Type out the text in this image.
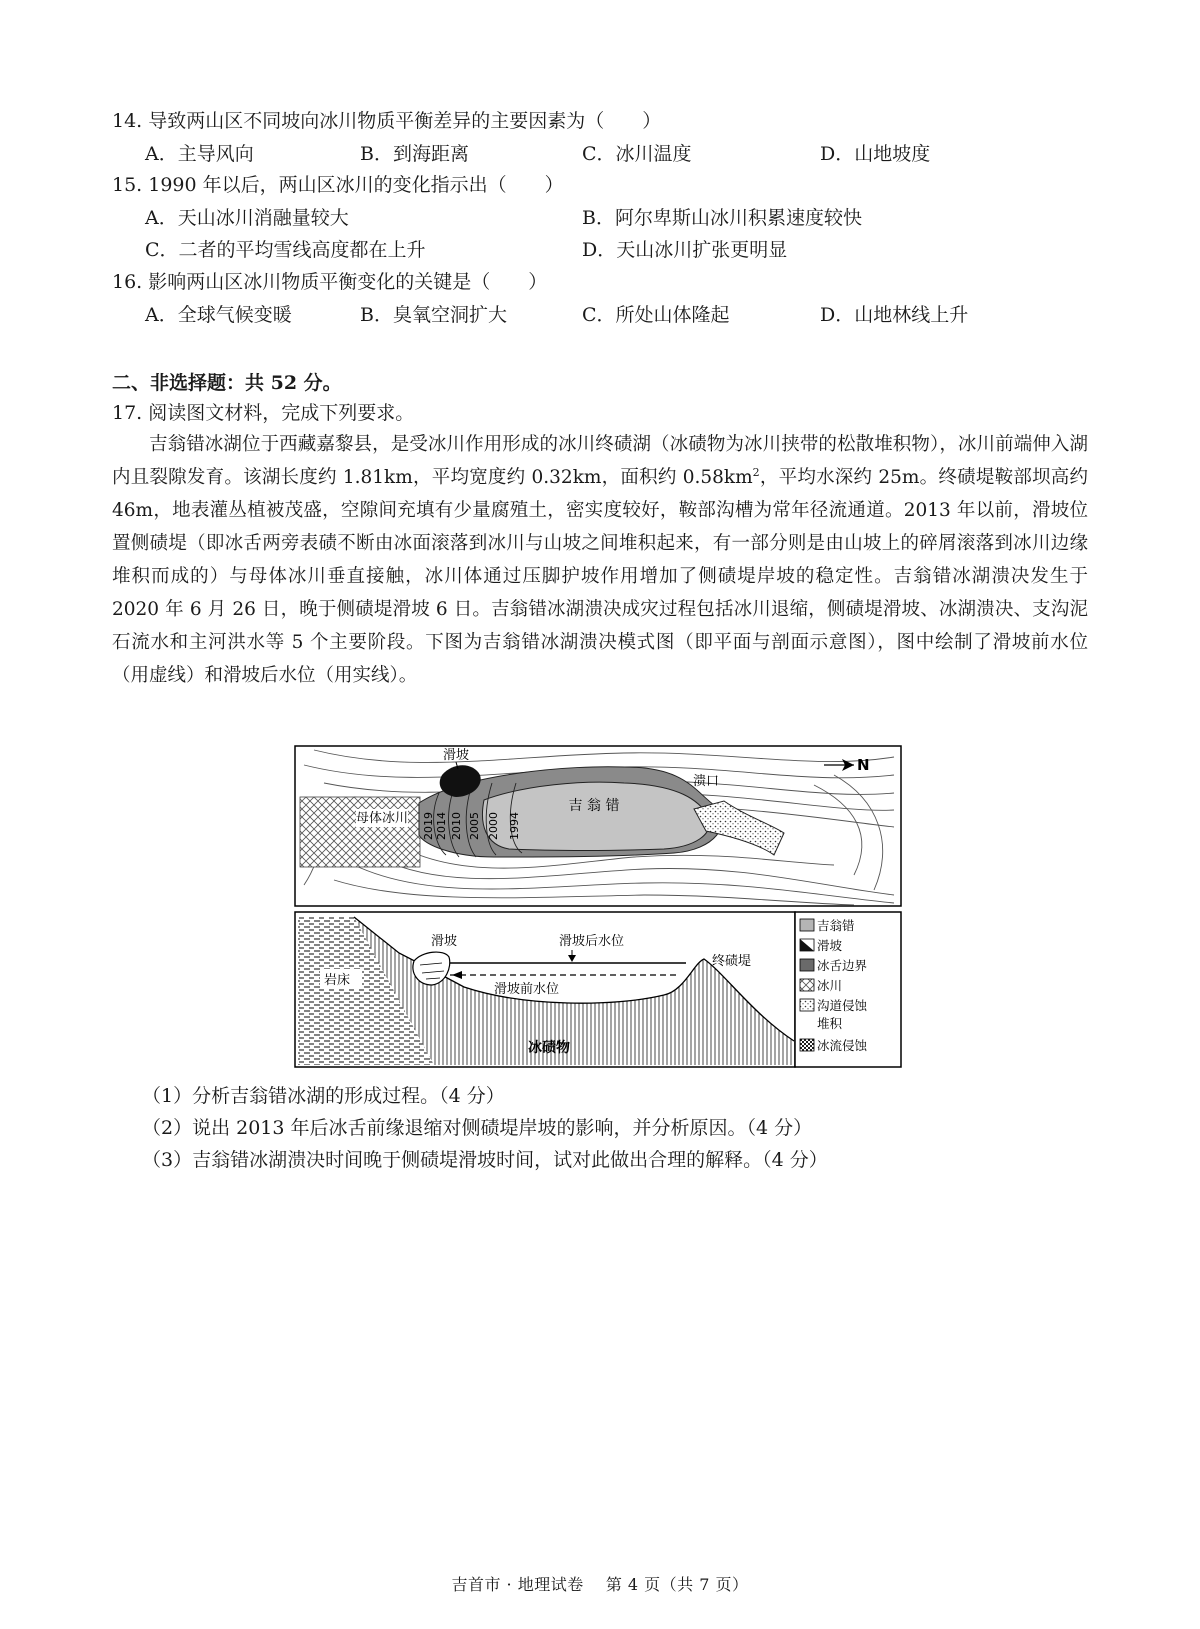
14. 导致两山区不同坡向冰川物质平衡差异的主要因素为（　　）
A．主导风向	B．到海距离	C．冰川温度	D．山地坡度
15. 1990 年以后，两山区冰川的变化指示出（　　）
A．天山冰川消融量较大	B．阿尔卑斯山冰川积累速度较快
C．二者的平均雪线高度都在上升	D．天山冰川扩张更明显
16. 影响两山区冰川物质平衡变化的关键是（　　）
A．全球气候变暖	B．臭氧空洞扩大	C．所处山体隆起	D．山地林线上升
二、非选择题：共 52 分。
17. 阅读图文材料，完成下列要求。
吉翁错冰湖位于西藏嘉黎县，是受冰川作用形成的冰川终碛湖（冰碛物为冰川挟带的松散堆积物），冰川前端伸入湖内且裂隙发育。该湖长度约 1.81km，平均宽度约 0.32km，面积约 $0.58km^2$，平均水深约 25m。终碛堤鞍部坝高约 46m，地表灌丛植被茂盛，空隙间充填有少量腐殖土，密实度较好，鞍部沟槽为常年径流通道。2013 年以前，滑坡位置侧碛堤（即冰舌两旁表碛不断由冰面滚落到冰川与山坡之间堆积起来，有一部分则是由山坡上的碎屑滚落到冰川边缘堆积而成的）与母体冰川垂直接触，冰川体通过压脚护坡作用增加了侧碛堤岸坡的稳定性。吉翁错冰湖溃决发生于 2020 年 6 月 26 日，晚于侧碛堤滑坡 6 日。吉翁错冰湖溃决成灾过程包括冰川退缩，侧碛堤滑坡、冰湖溃决、支沟泥石流水和主河洪水等 5 个主要阶段。下图为吉翁错冰湖溃决模式图（即平面与剖面示意图），图中绘制了滑坡前水位（用虚线）和滑坡后水位（用实线）。
母体冰川
吉 翁 错
2019 2014 2010 2005 2000 1994
滑坡
溃口
N
岩床
冰碛物
滑坡	滑坡后水位
滑坡前水位
终碛堤
吉翁错
滑坡
冰舌边界
冰川
沟道侵蚀
堆积
冰流侵蚀
（1）分析吉翁错冰湖的形成过程。（4 分）
（2）说出 2013 年后冰舌前缘退缩对侧碛堤岸坡的影响，并分析原因。（4 分）
（3）吉翁错冰湖溃决时间晚于侧碛堤滑坡时间，试对此做出合理的解释。（4 分）
吉首市 · 地理试卷　 第 4 页（共 7 页）
